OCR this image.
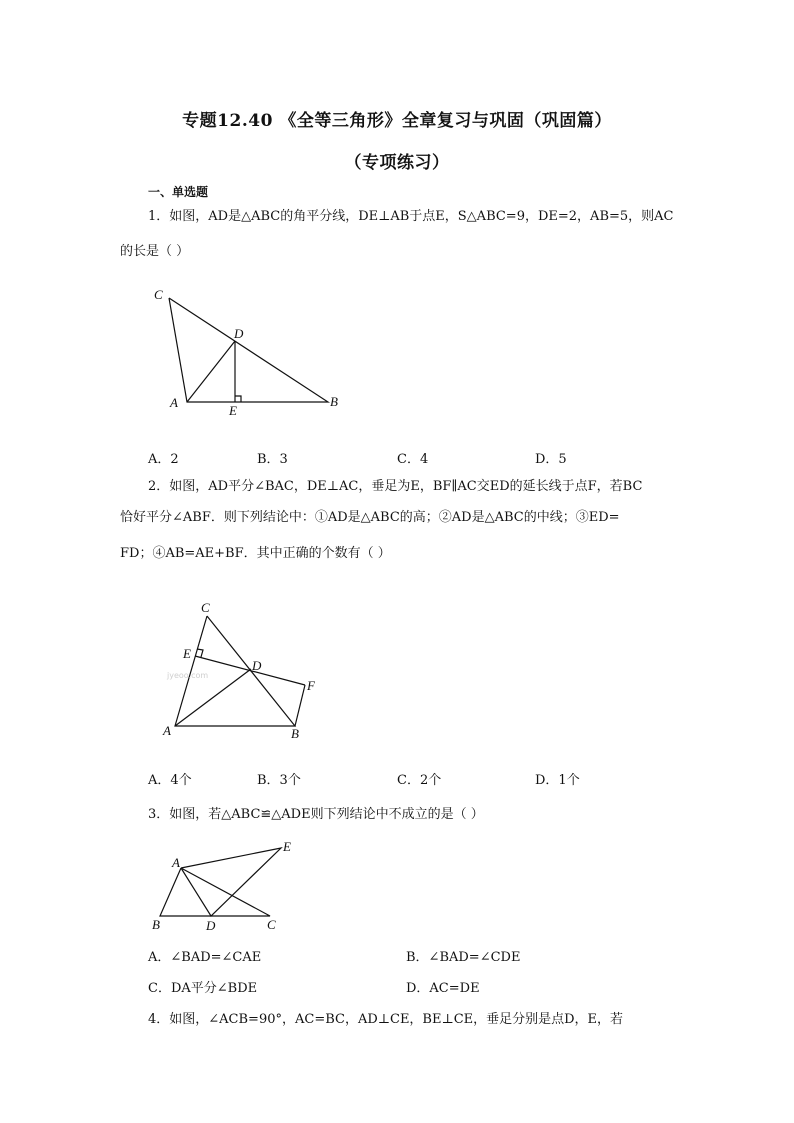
专题12.40 《全等三角形》全章复习与巩固（巩固篇）
（专项练习）
一、单选题
1．如图，AD是△ABC的角平分线，DE⊥AB于点E，S△ABC=9，DE=2，AB=5，则AC
的长是（ ）
C
D
A
E
B
A．2	B．3	C．4	D．5
2．如图，AD平分∠BAC，DE⊥AC，垂足为E，BF∥AC交ED的延长线于点F，若BC
恰好平分∠ABF．则下列结论中：①AD是△ABC的高；②AD是△ABC的中线；③ED=
FD；④AB=AE+BF．其中正确的个数有（ ）
jyeoo.com
C
E
D
F
A	B
A．4个	B．3个	C．2个	D．1个
3．如图，若△ABC≌△ADE则下列结论中不成立的是（ ）
A
E
B	D	C
A．∠BAD=∠CAE	B．∠BAD=∠CDE
C．DA平分∠BDE	D．AC=DE
4．如图，∠ACB=90°，AC=BC，AD⊥CE，BE⊥CE，垂足分别是点D，E，若
